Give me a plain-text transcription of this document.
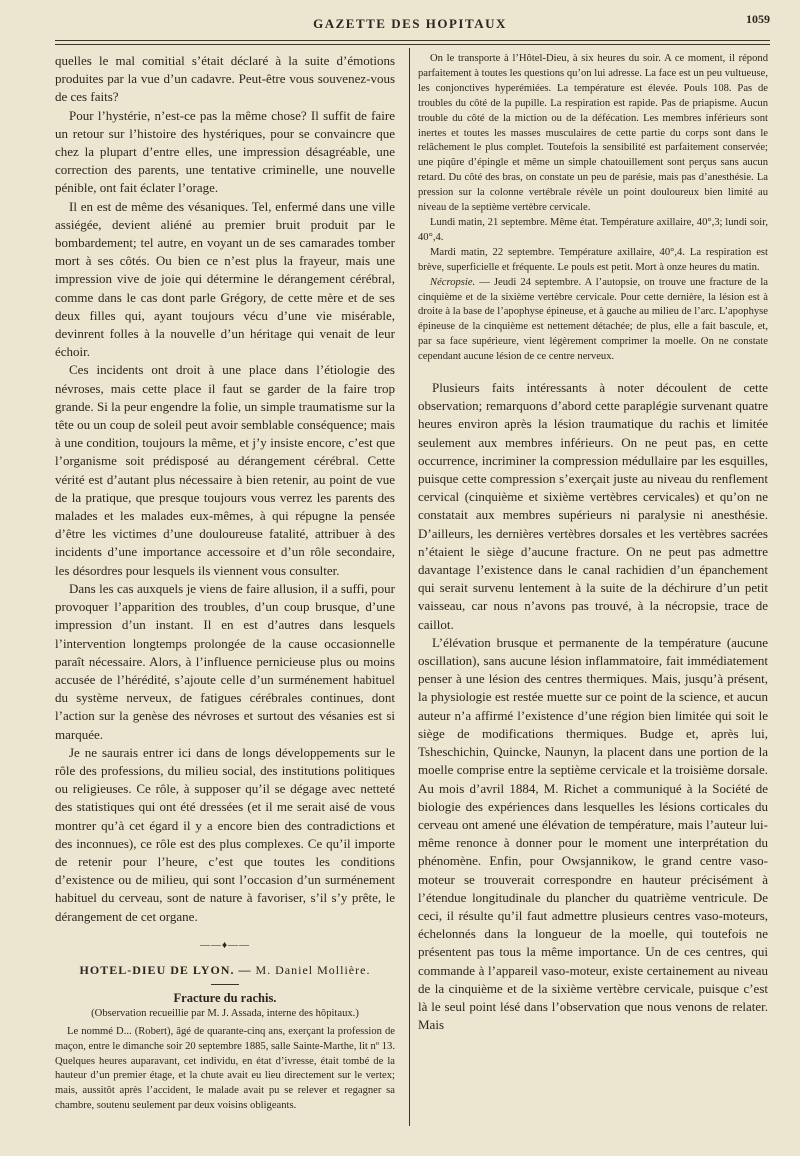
GAZETTE DES HOPITAUX	1059

quelles le mal comitial s’était déclaré à la suite d’émotions produites par la vue d’un cadavre. Peut-être vous souvenez-vous de ces faits?

Pour l’hystérie, n’est-ce pas la même chose? Il suffit de faire un retour sur l’histoire des hystériques, pour se convaincre que chez la plupart d’entre elles, une impression désagréable, une correction des parents, une tentative criminelle, une nouvelle pénible, ont fait éclater l’orage.

Il en est de même des vésaniques. Tel, enfermé dans une ville assiégée, devient aliéné au premier bruit produit par le bombardement; tel autre, en voyant un de ses camarades tomber mort à ses côtés. Ou bien ce n’est plus la frayeur, mais une impression vive de joie qui détermine le dérangement cérébral, comme dans le cas dont parle Grégory, de cette mère et de ses deux filles qui, ayant toujours vécu d’une vie misérable, devinrent folles à la nouvelle d’un héritage qui venait de leur échoir.

Ces incidents ont droit à une place dans l’étiologie des névroses, mais cette place il faut se garder de la faire trop grande. Si la peur engendre la folie, un simple traumatisme sur la tête ou un coup de soleil peut avoir semblable conséquence; mais à une condition, toujours la même, et j’y insiste encore, c’est que l’organisme soit prédisposé au dérangement cérébral. Cette vérité est d’autant plus nécessaire à bien retenir, au point de vue de la pratique, que presque toujours vous verrez les parents des malades et les malades eux-mêmes, à qui répugne la pensée d’être les victimes d’une douloureuse fatalité, attribuer à des incidents d’une importance accessoire et d’un rôle secondaire, les désordres pour lesquels ils viennent vous consulter.

Dans les cas auxquels je viens de faire allusion, il a suffi, pour provoquer l’apparition des troubles, d’un coup brusque, d’une impression d’un instant. Il en est d’autres dans lesquels l’intervention longtemps prolongée de la cause occasionnelle paraît nécessaire. Alors, à l’influence pernicieuse plus ou moins accusée de l’hérédité, s’ajoute celle d’un surménement habituel du système nerveux, de fatigues cérébrales continues, dont l’action sur la genèse des névroses et surtout des vésanies est si marquée.

Je ne saurais entrer ici dans de longs développements sur le rôle des professions, du milieu social, des institutions politiques ou religieuses. Ce rôle, à supposer qu’il se dégage avec netteté des statistiques qui ont été dressées (et il me serait aisé de vous montrer qu’à cet égard il y a encore bien des contradictions et des inconnues), ce rôle est des plus complexes. Ce qu’il importe de retenir pour l’heure, c’est que toutes les conditions d’existence ou de milieu, qui sont l’occasion d’un surménement habituel du cerveau, sont de nature à favoriser, s’il s’y prête, le dérangement de cet organe.

——♦——
HOTEL-DIEU DE LYON. — M. Daniel Mollière.
Fracture du rachis.
(Observation recueillie par M. J. Assada, interne des hôpitaux.)

Le nommé D... (Robert), âgé de quarante-cinq ans, exerçant la profession de maçon, entre le dimanche soir 20 septembre 1885, salle Sainte-Marthe, lit nº 13. Quelques heures auparavant, cet individu, en état d’ivresse, était tombé de la hauteur d’un premier étage, et la chute avait eu lieu directement sur le vertex; mais, aussitôt après l’accident, le malade avait pu se relever et regagner sa chambre, soutenu seulement par deux voisins obligeants.

On le transporte à l’Hôtel-Dieu, à six heures du soir. A ce moment, il répond parfaitement à toutes les questions qu’on lui adresse. La face est un peu vultueuse, les conjonctives hyperémiées. La température est élevée. Pouls 108. Pas de troubles du côté de la pupille. La respiration est rapide. Pas de priapisme. Aucun trouble du côté de la miction ou de la défécation. Les membres inférieurs sont inertes et toutes les masses musculaires de cette partie du corps sont dans le relâchement le plus complet. Toutefois la sensibilité est parfaitement conservée; une piqûre d’épingle et même un simple chatouillement sont perçus sans aucun retard. Du côté des bras, on constate un peu de parésie, mais pas d’anesthésie. La pression sur la colonne vertébrale révèle un point douloureux bien limité au niveau de la septième vertèbre cervicale.

Lundi matin, 21 septembre. Même état. Température axillaire, 40°,3; lundi soir, 40°,4.

Mardi matin, 22 septembre. Température axillaire, 40°,4. La respiration est brève, superficielle et fréquente. Le pouls est petit. Mort à onze heures du matin.

Nécropsie. — Jeudi 24 septembre. A l’autopsie, on trouve une fracture de la cinquième et de la sixième vertèbre cervicale. Pour cette dernière, la lésion est à droite à la base de l’apophyse épineuse, et à gauche au milieu de l’arc. L’apophyse épineuse de la cinquième est nettement détachée; de plus, elle a fait bascule, et, par sa face supérieure, vient légèrement comprimer la moelle. On ne constate cependant aucune lésion de ce centre nerveux.

Plusieurs faits intéressants à noter découlent de cette observation; remarquons d’abord cette paraplégie survenant quatre heures environ après la lésion traumatique du rachis et limitée seulement aux membres inférieurs. On ne peut pas, en cette occurrence, incriminer la compression médullaire par les esquilles, puisque cette compression s’exerçait juste au niveau du renflement cervical (cinquième et sixième vertèbres cervicales) et qu’on ne constatait aux membres supérieurs ni paralysie ni anesthésie. D’ailleurs, les dernières vertèbres dorsales et les vertèbres sacrées n’étaient le siège d’aucune fracture. On ne peut pas admettre davantage l’existence dans le canal rachidien d’un épanchement qui serait survenu lentement à la suite de la déchirure d’un petit vaisseau, car nous n’avons pas trouvé, à la nécropsie, trace de caillot.

L’élévation brusque et permanente de la température (aucune oscillation), sans aucune lésion inflammatoire, fait immédiatement penser à une lésion des centres thermiques. Mais, jusqu’à présent, la physiologie est restée muette sur ce point de la science, et aucun auteur n’a affirmé l’existence d’une région bien limitée qui soit le siège de modifications thermiques. Budge et, après lui, Tsheschichin, Quincke, Naunyn, la placent dans une portion de la moelle comprise entre la septième cervicale et la troisième dorsale. Au mois d’avril 1884, M. Richet a communiqué à la Société de biologie des expériences dans lesquelles les lésions corticales du cerveau ont amené une élévation de température, mais l’auteur lui-même renonce à donner pour le moment une interprétation du phénomène. Enfin, pour Owsjannikow, le grand centre vaso-moteur se trouverait correspondre en hauteur précisément à l’étendue longitudinale du plancher du quatrième ventricule. De ceci, il résulte qu’il faut admettre plusieurs centres vaso-moteurs, échelonnés dans la longueur de la moelle, qui toutefois ne présentent pas tous la même importance. Un de ces centres, qui commande à l’appareil vaso-moteur, existe certainement au niveau de la cinquième et de la sixième vertèbre cervicale, puisque c’est là le seul point lésé dans l’observation que nous venons de relater. Mais
